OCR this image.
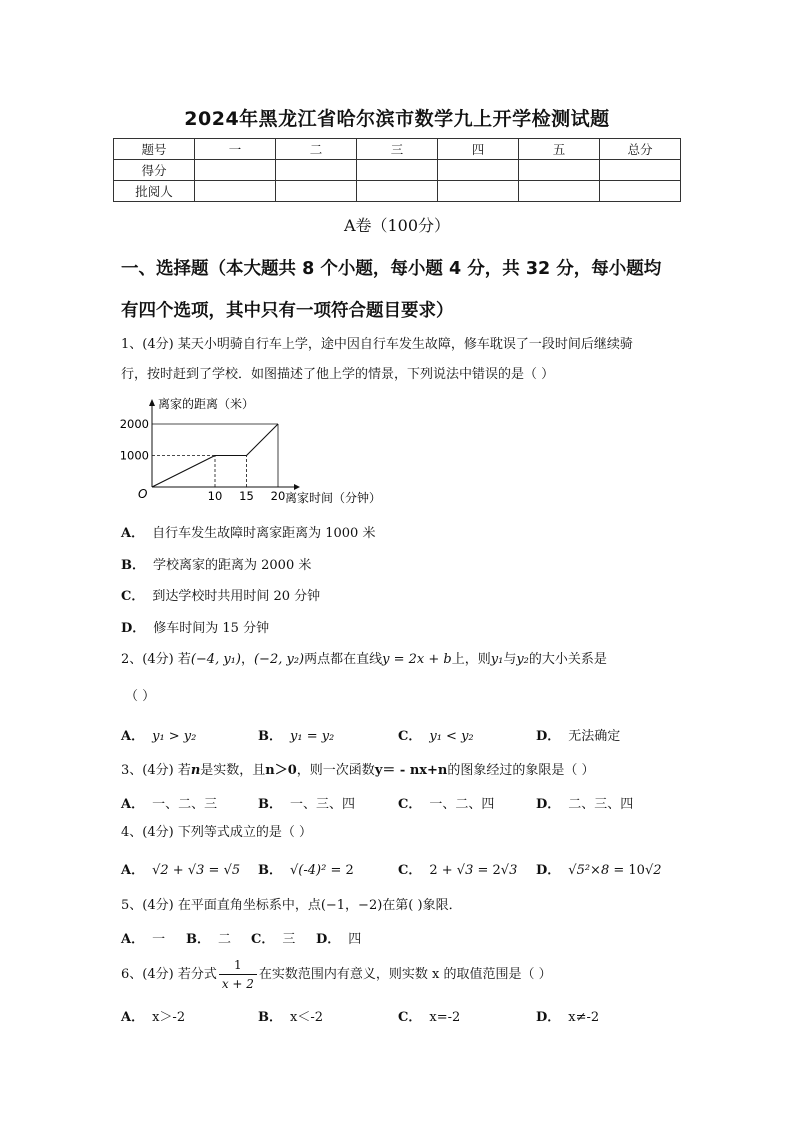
2024年黑龙江省哈尔滨市数学九上开学检测试题
题号	一	二	三	四	五	总分
得分						
批阅人						
A卷（100分）
一、选择题（本大题共 8 个小题，每小题 4 分，共 32 分，每小题均
有四个选项，其中只有一项符合题目要求）
1、(4分) 某天小明骑自行车上学，途中因自行车发生故障，修车耽误了一段时间后继续骑
行，按时赶到了学校．如图描述了他上学的情景，下列说法中错误的是（ ）
离家的距离（米）
离家时间（分钟）
O
1000
2000
10 15 20
A． 自行车发生故障时离家距离为 1000 米
B． 学校离家的距离为 2000 米
C． 到达学校时共用时间 20 分钟
D． 修车时间为 15 分钟
2、(4分) 若(−4, y₁)，(−2, y₂)两点都在直线y = 2x + b上，则y₁与y₂的大小关系是
（ ）
A． y₁ > y₂	B． y₁ = y₂	C． y₁ < y₂	D． 无法确定
3、(4分) 若n是实数，且n＞0，则一次函数y＝ - nx+n的图象经过的象限是（ ）
A． 一、二、三	B． 一、三、四	C． 一、二、四	D． 二、三、四
4、(4分) 下列等式成立的是（ ）
A． √2 + √3 = √5 B． √(-4)² = 2	C． 2 + √3 = 2√3 D． √5²×8 = 10√2
5、(4分) 在平面直角坐标系中，点(−1，−2)在第( )象限．
A． 一 B． 二 C． 三 D． 四
6、(4分) 若分式 $\frac{1}{x + 2}$ 在实数范围内有意义，则实数 x 的取值范围是（ ）
A． x＞-2	B． x＜-2	C． x=-2	D． x≠-2
